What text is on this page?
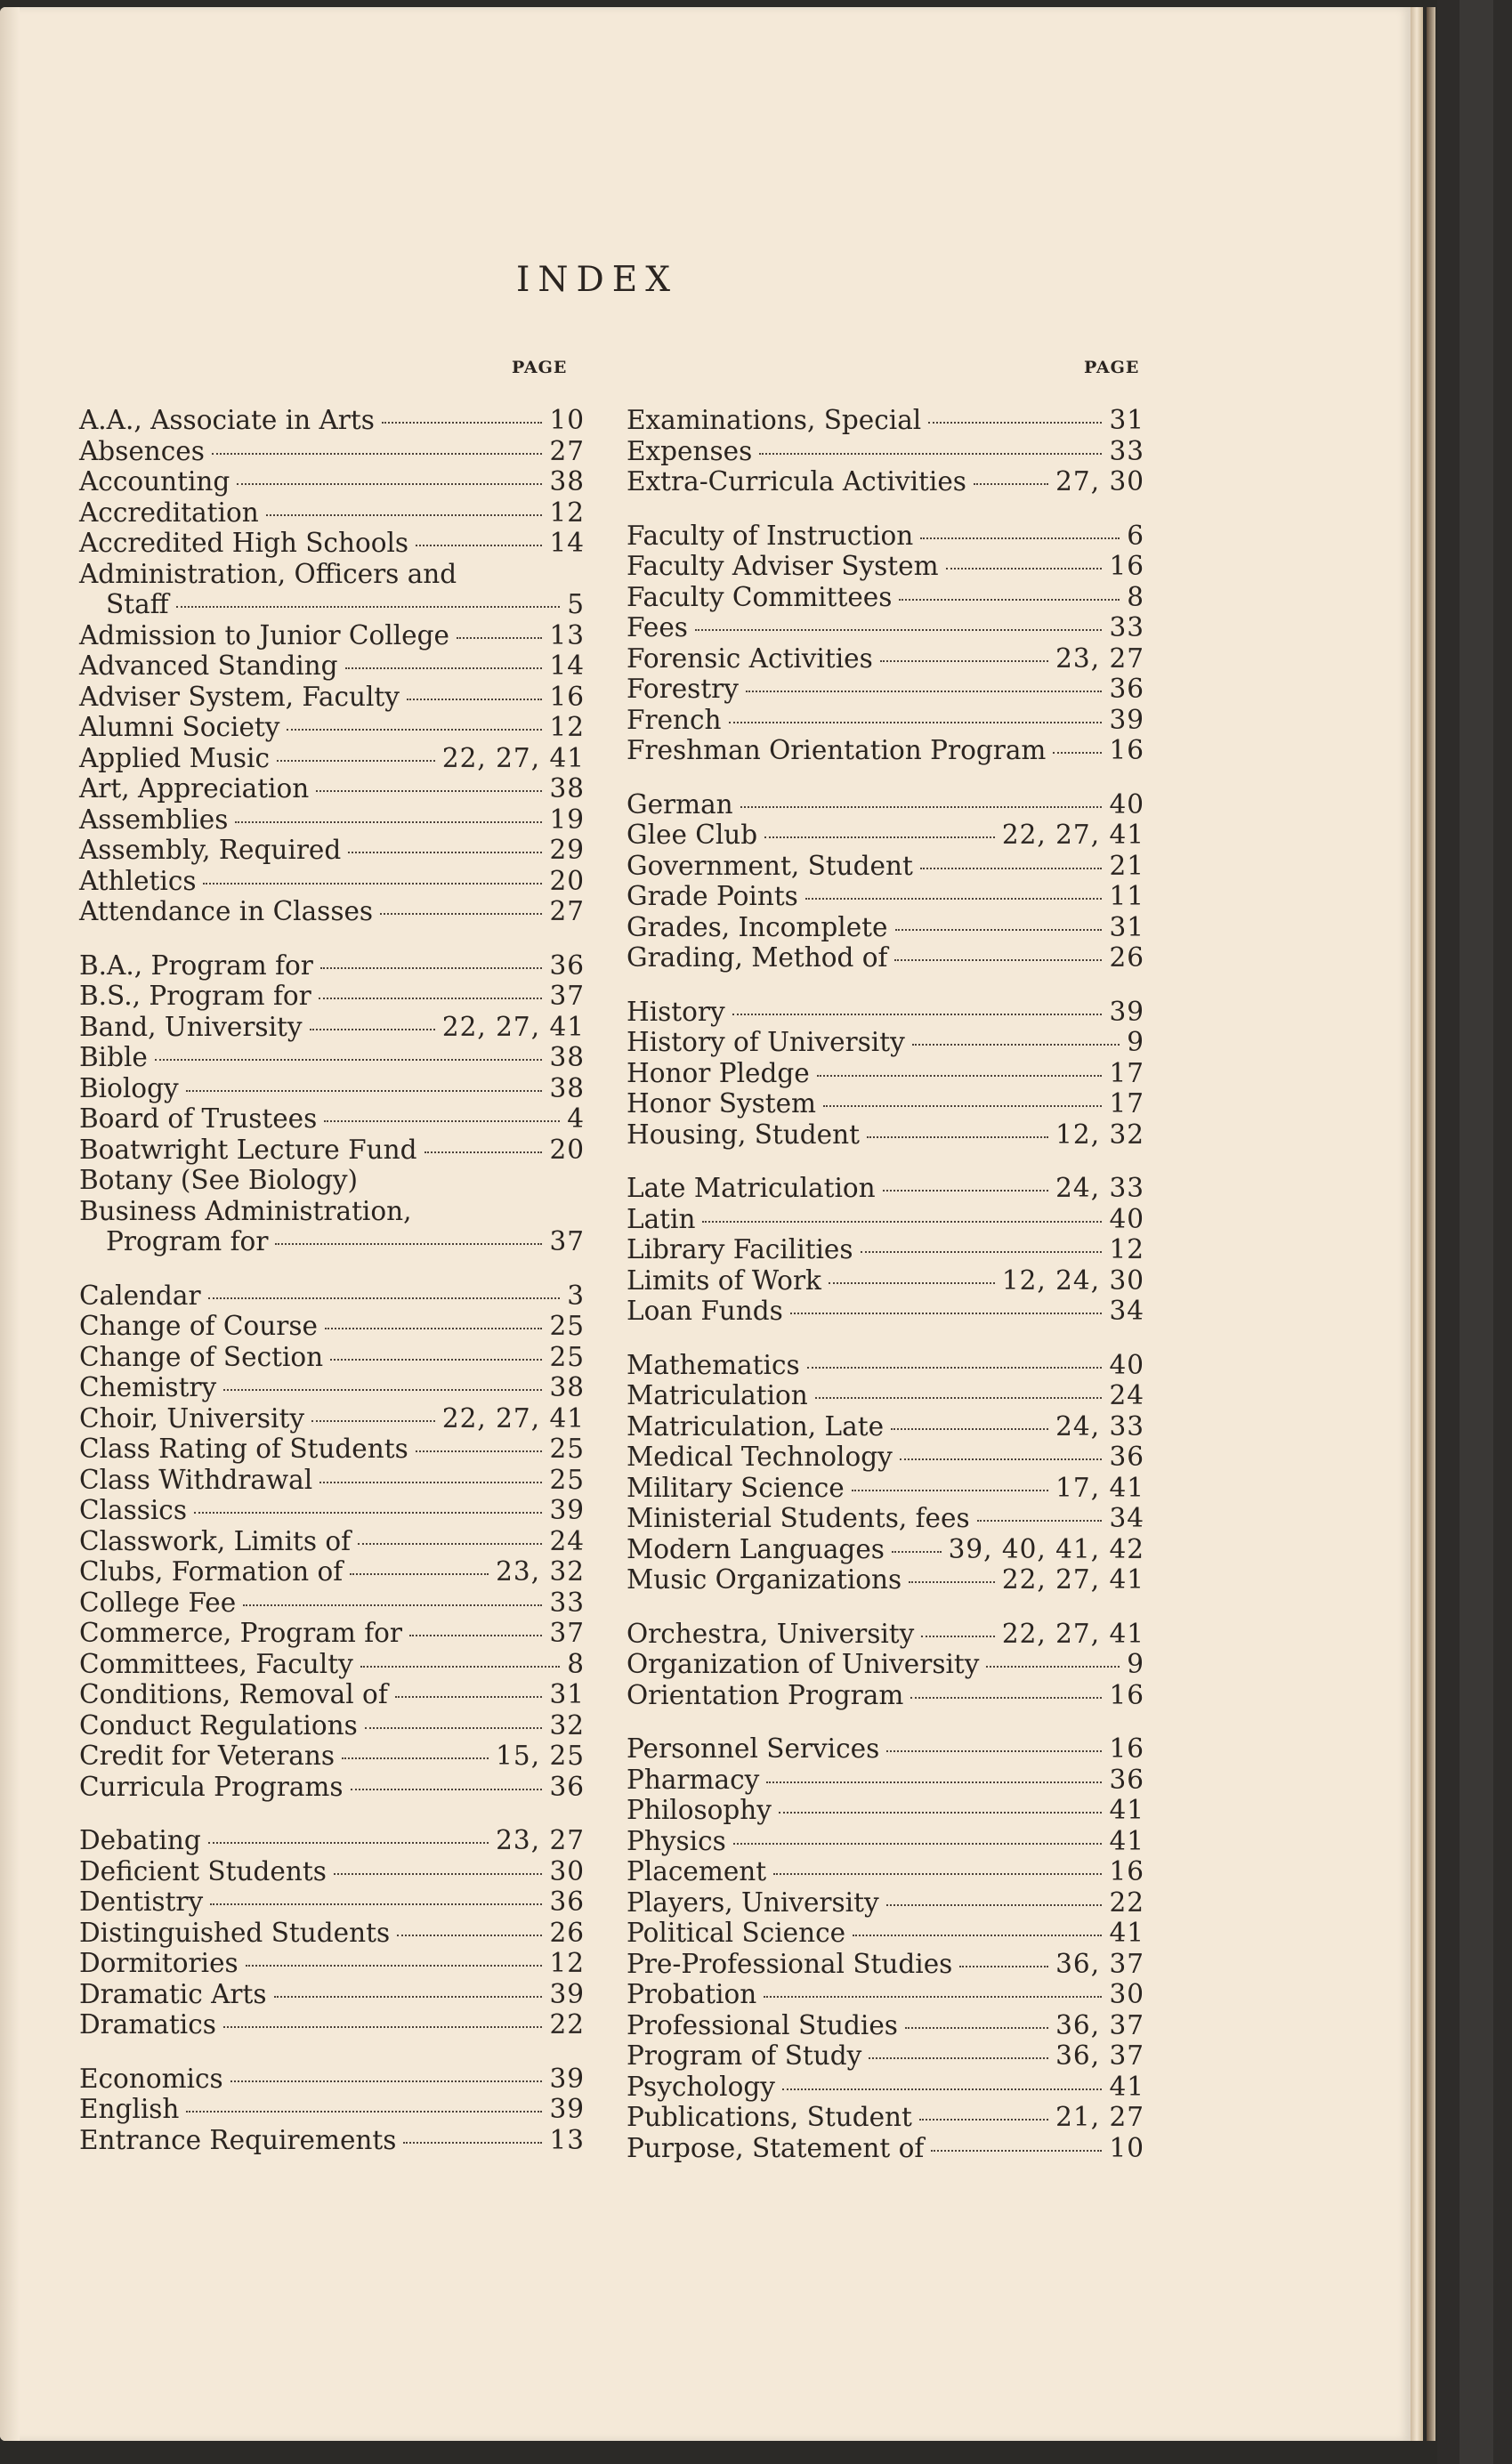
INDEX
PAGE	PAGE
A.A., Associate in Arts	10
Absences	27
Accounting	38
Accreditation	12
Accredited High Schools	14
Administration, Officers and
Staff	5
Admission to Junior College	13
Advanced Standing	14
Adviser System, Faculty	16
Alumni Society	12
Applied Music	22, 27, 41
Art, Appreciation	38
Assemblies	19
Assembly, Required	29
Athletics	20
Attendance in Classes	27
B.A., Program for	36
B.S., Program for	37
Band, University	22, 27, 41
Bible	38
Biology	38
Board of Trustees	4
Boatwright Lecture Fund	20
Botany (See Biology)
Business Administration,
Program for	37
Calendar	3
Change of Course	25
Change of Section	25
Chemistry	38
Choir, University	22, 27, 41
Class Rating of Students	25
Class Withdrawal	25
Classics	39
Classwork, Limits of	24
Clubs, Formation of	23, 32
College Fee	33
Commerce, Program for	37
Committees, Faculty	8
Conditions, Removal of	31
Conduct Regulations	32
Credit for Veterans	15, 25
Curricula Programs	36
Debating	23, 27
Deficient Students	30
Dentistry	36
Distinguished Students	26
Dormitories	12
Dramatic Arts	39
Dramatics	22
Economics	39
English	39
Entrance Requirements	13
Examinations, Special	31
Expenses	33
Extra-Curricula Activities	27, 30
Faculty of Instruction	6
Faculty Adviser System	16
Faculty Committees	8
Fees	33
Forensic Activities	23, 27
Forestry	36
French	39
Freshman Orientation Program 16
German	40
Glee Club	22, 27, 41
Government, Student	21
Grade Points	11
Grades, Incomplete	31
Grading, Method of	26
History	39
History of University	9
Honor Pledge	17
Honor System	17
Housing, Student	12, 32
Late Matriculation	24, 33
Latin	40
Library Facilities	12
Limits of Work	12, 24, 30
Loan Funds	34
Mathematics	40
Matriculation	24
Matriculation, Late	24, 33
Medical Technology	36
Military Science	17, 41
Ministerial Students, fees	34
Modern Languages 39, 40, 41, 42
Music Organizations	22, 27, 41
Orchestra, University	22, 27, 41
Organization of University	9
Orientation Program	16
Personnel Services	16
Pharmacy	36
Philosophy	41
Physics	41
Placement	16
Players, University	22
Political Science	41
Pre-Professional Studies	36, 37
Probation	30
Professional Studies	36, 37
Program of Study	36, 37
Psychology	41
Publications, Student	21, 27
Purpose, Statement of	10
